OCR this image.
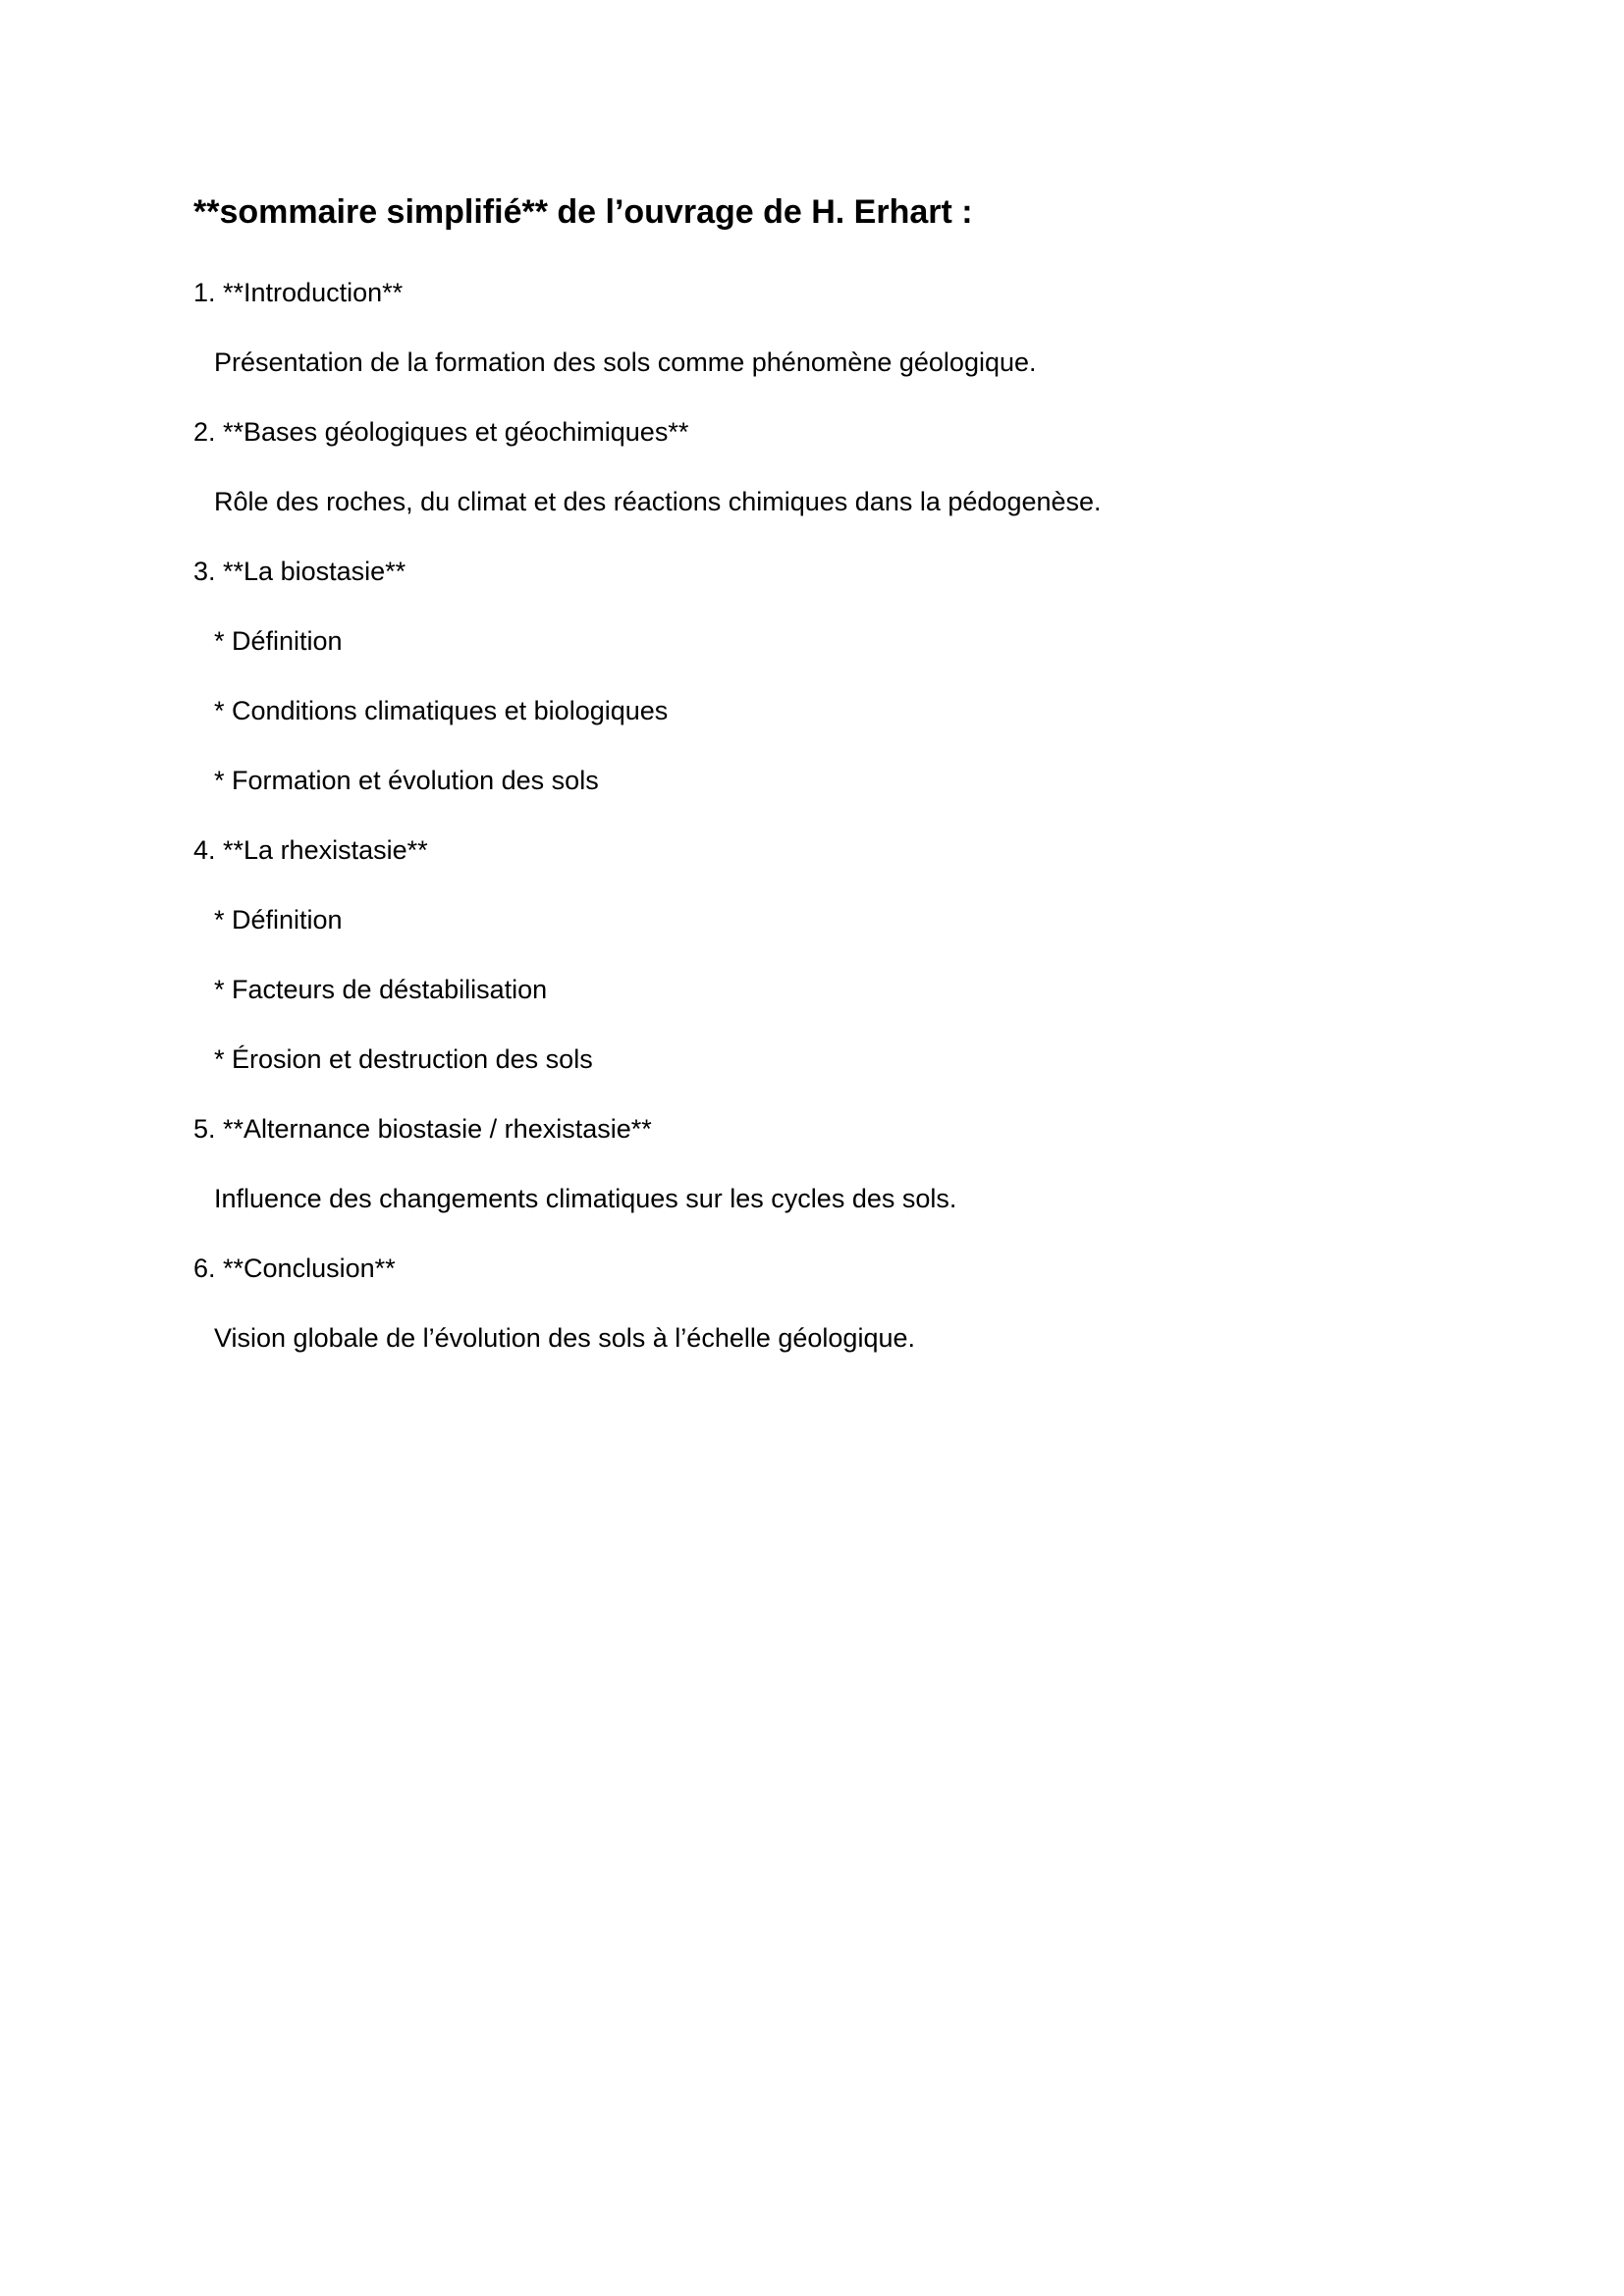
**sommaire simplifié** de l’ouvrage de H. Erhart :
1. **Introduction**
Présentation de la formation des sols comme phénomène géologique.
2. **Bases géologiques et géochimiques**
Rôle des roches, du climat et des réactions chimiques dans la pédogenèse.
3. **La biostasie**
* Définition
* Conditions climatiques et biologiques
* Formation et évolution des sols
4. **La rhexistasie**
* Définition
* Facteurs de déstabilisation
* Érosion et destruction des sols
5. **Alternance biostasie / rhexistasie**
Influence des changements climatiques sur les cycles des sols.
6. **Conclusion**
Vision globale de l’évolution des sols à l’échelle géologique.
